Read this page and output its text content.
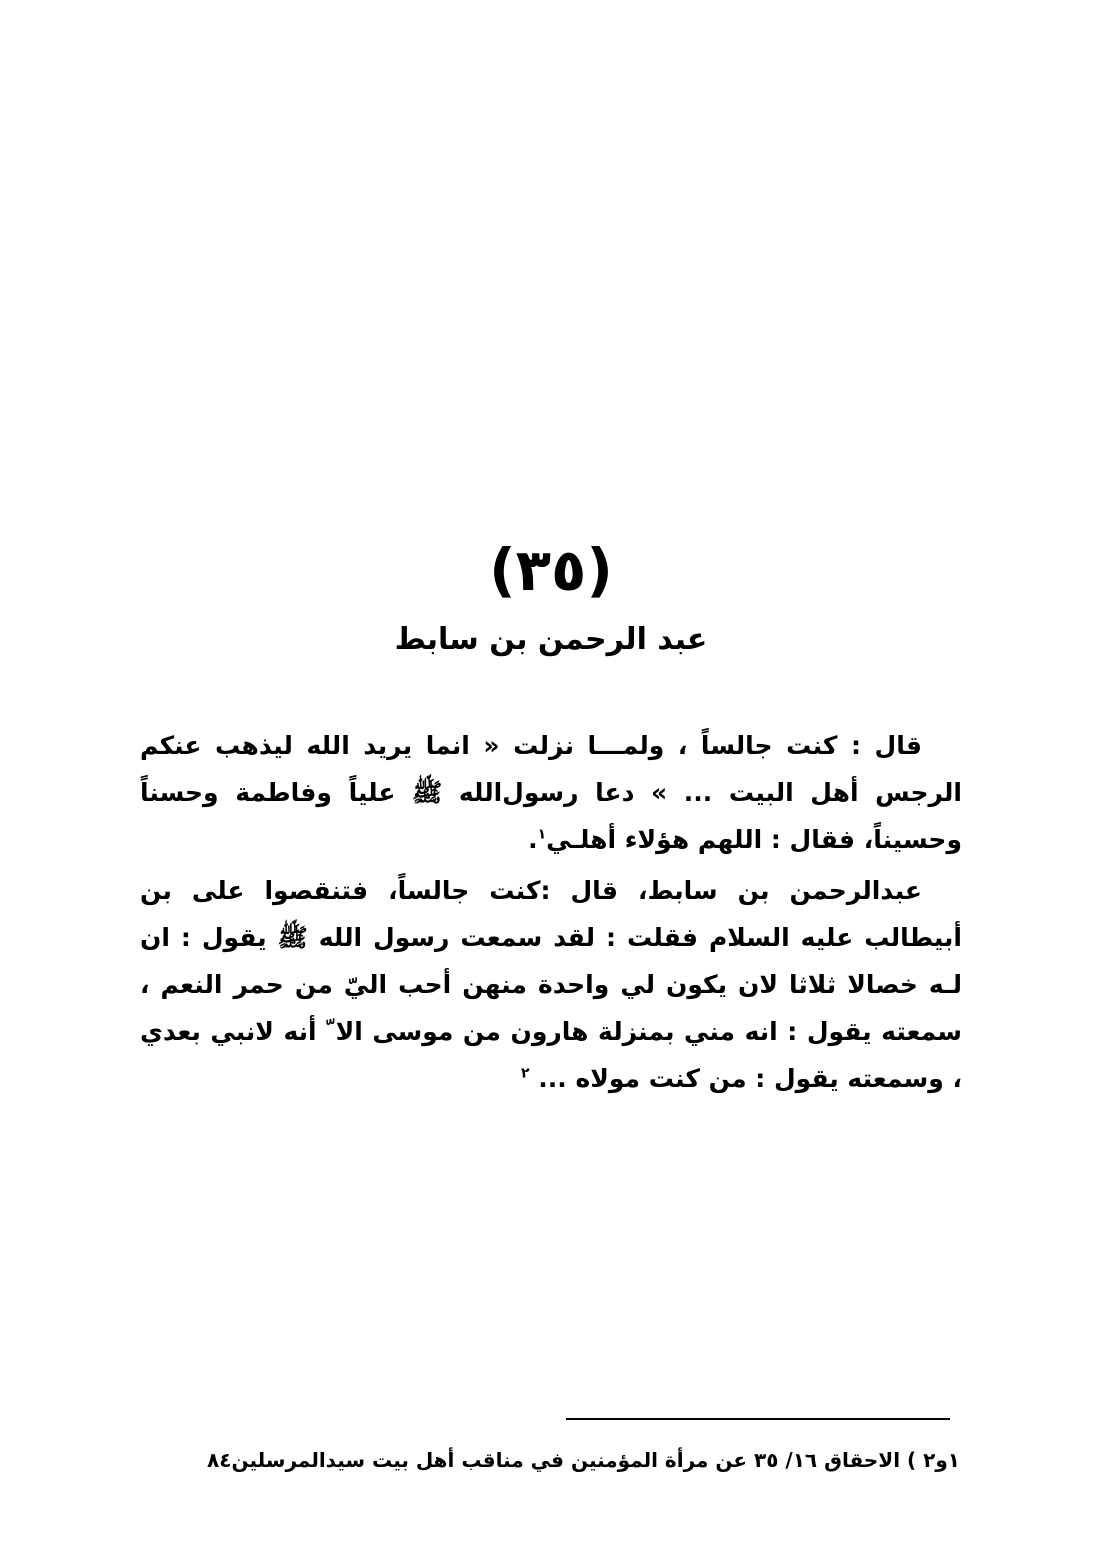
(٣٥)
عبد الرحمن بن سابط

قال : كنت جالساً ، ولمـــا نزلت « انما يريد الله ليذهب عنكم الرجس أهل البيت ... » دعا رسول‌الله ﷺ علياً وفاطمة وحسناً وحسيناً، فقال : اللهم هؤلاء أهلـي$^١$.

عبدالرحمن بن سابط، قال :كنت جالساً، فتنقصوا على بن أبيطالب عليه السلام فقلت : لقد سمعت رسول الله ﷺ يقول : ان لـه خصالا ثلاثا لان يكون لي واحدة منهن أحب اليّ من حمر النعم ، سمعته يقول : انه مني بمنزلة هارون من موسى الا ّ أنه لانبي بعدي ، وسمعته يقول : من كنت مولاه ... $^٢$

١و٢ ) الاحقاق ١٦/ ٣٥ عن مرأة المؤمنين في مناقب أهل بيت سيدالمرسلين٨٤
